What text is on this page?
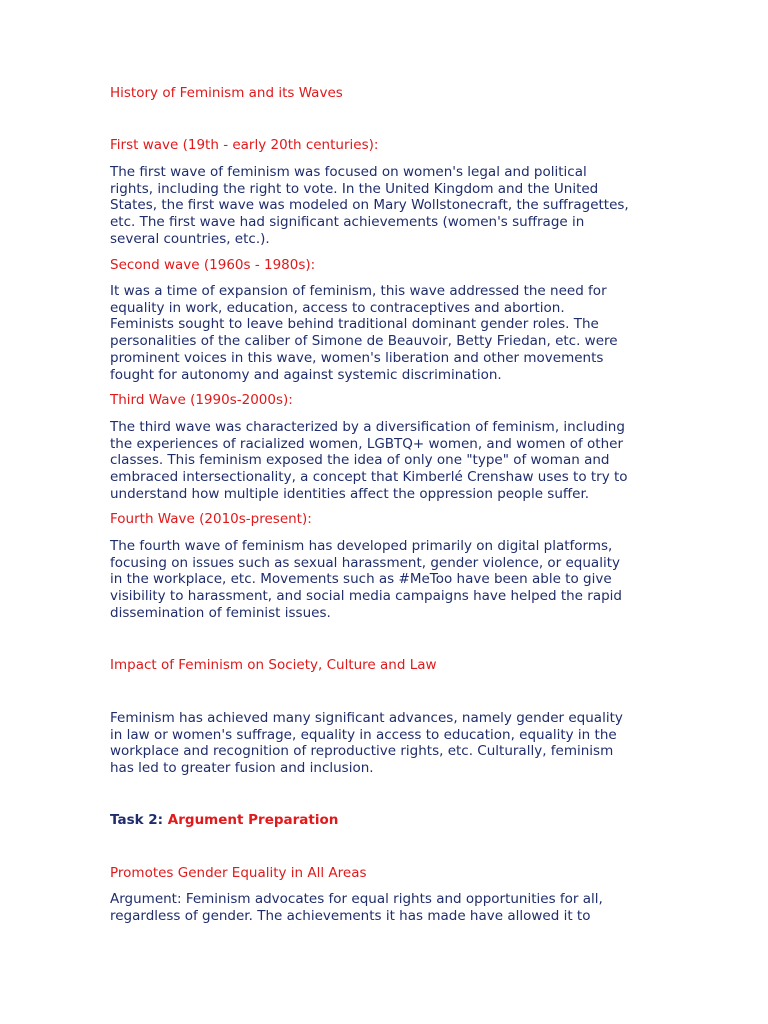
History of Feminism and its Waves
First wave (19th - early 20th centuries):
The first wave of feminism was focused on women's legal and political
rights, including the right to vote. In the United Kingdom and the United
States, the first wave was modeled on Mary Wollstonecraft, the suffragettes,
etc. The first wave had significant achievements (women's suffrage in
several countries, etc.).
Second wave (1960s - 1980s):
It was a time of expansion of feminism, this wave addressed the need for
equality in work, education, access to contraceptives and abortion.
Feminists sought to leave behind traditional dominant gender roles. The
personalities of the caliber of Simone de Beauvoir, Betty Friedan, etc. were
prominent voices in this wave, women's liberation and other movements
fought for autonomy and against systemic discrimination.
Third Wave (1990s-2000s):
The third wave was characterized by a diversification of feminism, including
the experiences of racialized women, LGBTQ+ women, and women of other
classes. This feminism exposed the idea of only one "type" of woman and
embraced intersectionality, a concept that Kimberlé Crenshaw uses to try to
understand how multiple identities affect the oppression people suffer.
Fourth Wave (2010s-present):
The fourth wave of feminism has developed primarily on digital platforms,
focusing on issues such as sexual harassment, gender violence, or equality
in the workplace, etc. Movements such as #MeToo have been able to give
visibility to harassment, and social media campaigns have helped the rapid
dissemination of feminist issues.
Impact of Feminism on Society, Culture and Law
Feminism has achieved many significant advances, namely gender equality
in law or women's suffrage, equality in access to education, equality in the
workplace and recognition of reproductive rights, etc. Culturally, feminism
has led to greater fusion and inclusion.
Task 2: Argument Preparation
Promotes Gender Equality in All Areas
Argument: Feminism advocates for equal rights and opportunities for all,
regardless of gender. The achievements it has made have allowed it to
